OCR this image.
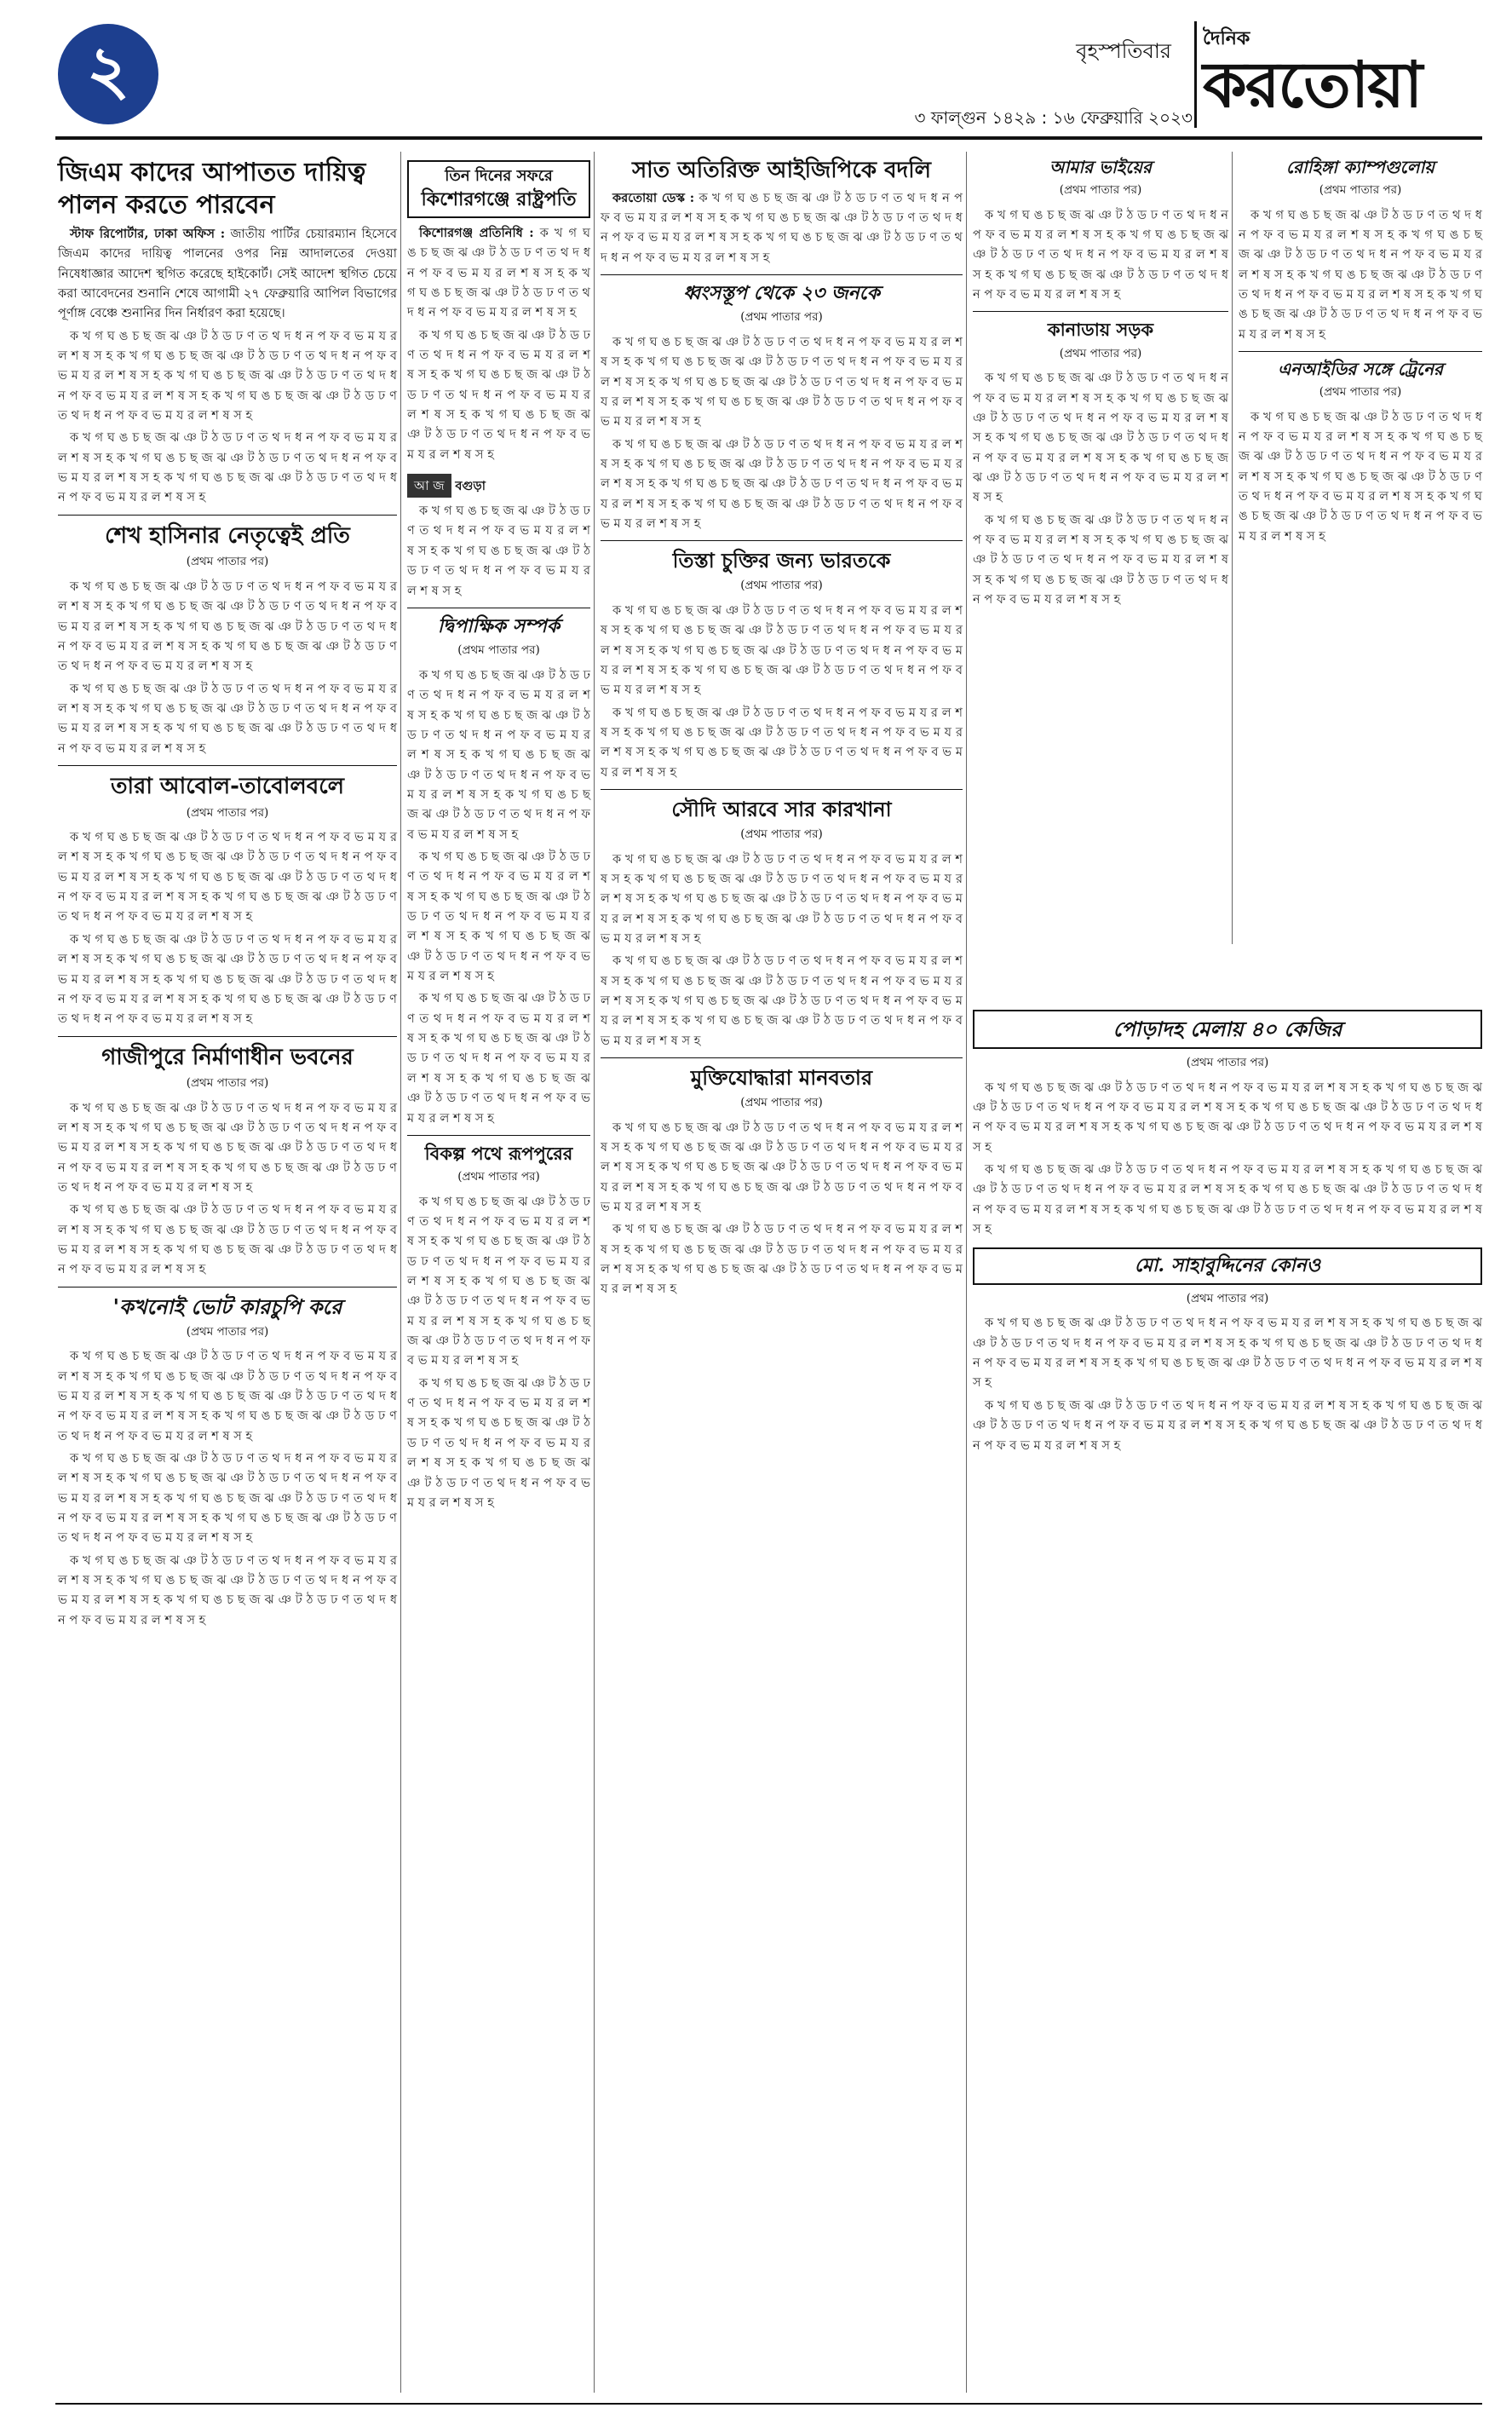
২	বৃহস্পতিবার
৩ ফাল্গুন ১৪২৯ : ১৬ ফেব্রুয়ারি ২০২৩
দৈনিক
করতোয়া
জিএম কাদের আপাতত দায়িত্ব পালন করতে পারবেন

স্টাফ রিপোর্টার, ঢাকা অফিস : জাতীয় পার্টির চেয়ারম্যান হিসেবে জিএম কাদের দায়িত্ব পালনের ওপর নিম্ন আদালতের দেওয়া নিষেধাজ্ঞার আদেশ স্থগিত করেছে হাইকোর্ট। সেই আদেশ স্থগিত চেয়ে করা আবেদনের শুনানি শেষে আগামী ২৭ ফেব্রুয়ারি আপিল বিভাগের পূর্ণাঙ্গ বেঞ্চে শুনানির দিন নির্ধারণ করা হয়েছে।

ক খ গ ঘ ঙ চ ছ জ ঝ ঞ ট ঠ ড ঢ ণ ত থ দ ধ ন প ফ ব ভ ম য র ল শ ষ স হ ক খ গ ঘ ঙ চ ছ জ ঝ ঞ ট ঠ ড ঢ ণ ত থ দ ধ ন প ফ ব ভ ম য র ল শ ষ স হ ক খ গ ঘ ঙ চ ছ জ ঝ ঞ ট ঠ ড ঢ ণ ত থ দ ধ ন প ফ ব ভ ম য র ল শ ষ স হ ক খ গ ঘ ঙ চ ছ জ ঝ ঞ ট ঠ ড ঢ ণ ত থ দ ধ ন প ফ ব ভ ম য র ল শ ষ স হ

ক খ গ ঘ ঙ চ ছ জ ঝ ঞ ট ঠ ড ঢ ণ ত থ দ ধ ন প ফ ব ভ ম য র ল শ ষ স হ ক খ গ ঘ ঙ চ ছ জ ঝ ঞ ট ঠ ড ঢ ণ ত থ দ ধ ন প ফ ব ভ ম য র ল শ ষ স হ ক খ গ ঘ ঙ চ ছ জ ঝ ঞ ট ঠ ড ঢ ণ ত থ দ ধ ন প ফ ব ভ ম য র ল শ ষ স হ

শেখ হাসিনার নেতৃত্বেই প্রতি
(প্রথম পাতার পর)

ক খ গ ঘ ঙ চ ছ জ ঝ ঞ ট ঠ ড ঢ ণ ত থ দ ধ ন প ফ ব ভ ম য র ল শ ষ স হ ক খ গ ঘ ঙ চ ছ জ ঝ ঞ ট ঠ ড ঢ ণ ত থ দ ধ ন প ফ ব ভ ম য র ল শ ষ স হ ক খ গ ঘ ঙ চ ছ জ ঝ ঞ ট ঠ ড ঢ ণ ত থ দ ধ ন প ফ ব ভ ম য র ল শ ষ স হ ক খ গ ঘ ঙ চ ছ জ ঝ ঞ ট ঠ ড ঢ ণ ত থ দ ধ ন প ফ ব ভ ম য র ল শ ষ স হ

ক খ গ ঘ ঙ চ ছ জ ঝ ঞ ট ঠ ড ঢ ণ ত থ দ ধ ন প ফ ব ভ ম য র ল শ ষ স হ ক খ গ ঘ ঙ চ ছ জ ঝ ঞ ট ঠ ড ঢ ণ ত থ দ ধ ন প ফ ব ভ ম য র ল শ ষ স হ ক খ গ ঘ ঙ চ ছ জ ঝ ঞ ট ঠ ড ঢ ণ ত থ দ ধ ন প ফ ব ভ ম য র ল শ ষ স হ

তারা আবোল-তাবোলবলে
(প্রথম পাতার পর)

ক খ গ ঘ ঙ চ ছ জ ঝ ঞ ট ঠ ড ঢ ণ ত থ দ ধ ন প ফ ব ভ ম য র ল শ ষ স হ ক খ গ ঘ ঙ চ ছ জ ঝ ঞ ট ঠ ড ঢ ণ ত থ দ ধ ন প ফ ব ভ ম য র ল শ ষ স হ ক খ গ ঘ ঙ চ ছ জ ঝ ঞ ট ঠ ড ঢ ণ ত থ দ ধ ন প ফ ব ভ ম য র ল শ ষ স হ ক খ গ ঘ ঙ চ ছ জ ঝ ঞ ট ঠ ড ঢ ণ ত থ দ ধ ন প ফ ব ভ ম য র ল শ ষ স হ

ক খ গ ঘ ঙ চ ছ জ ঝ ঞ ট ঠ ড ঢ ণ ত থ দ ধ ন প ফ ব ভ ম য র ল শ ষ স হ ক খ গ ঘ ঙ চ ছ জ ঝ ঞ ট ঠ ড ঢ ণ ত থ দ ধ ন প ফ ব ভ ম য র ল শ ষ স হ ক খ গ ঘ ঙ চ ছ জ ঝ ঞ ট ঠ ড ঢ ণ ত থ দ ধ ন প ফ ব ভ ম য র ল শ ষ স হ ক খ গ ঘ ঙ চ ছ জ ঝ ঞ ট ঠ ড ঢ ণ ত থ দ ধ ন প ফ ব ভ ম য র ল শ ষ স হ

গাজীপুরে নির্মাণাধীন ভবনের
(প্রথম পাতার পর)

ক খ গ ঘ ঙ চ ছ জ ঝ ঞ ট ঠ ড ঢ ণ ত থ দ ধ ন প ফ ব ভ ম য র ল শ ষ স হ ক খ গ ঘ ঙ চ ছ জ ঝ ঞ ট ঠ ড ঢ ণ ত থ দ ধ ন প ফ ব ভ ম য র ল শ ষ স হ ক খ গ ঘ ঙ চ ছ জ ঝ ঞ ট ঠ ড ঢ ণ ত থ দ ধ ন প ফ ব ভ ম য র ল শ ষ স হ ক খ গ ঘ ঙ চ ছ জ ঝ ঞ ট ঠ ড ঢ ণ ত থ দ ধ ন প ফ ব ভ ম য র ল শ ষ স হ

ক খ গ ঘ ঙ চ ছ জ ঝ ঞ ট ঠ ড ঢ ণ ত থ দ ধ ন প ফ ব ভ ম য র ল শ ষ স হ ক খ গ ঘ ঙ চ ছ জ ঝ ঞ ট ঠ ড ঢ ণ ত থ দ ধ ন প ফ ব ভ ম য র ল শ ষ স হ ক খ গ ঘ ঙ চ ছ জ ঝ ঞ ট ঠ ড ঢ ণ ত থ দ ধ ন প ফ ব ভ ম য র ল শ ষ স হ

'কখনোই ভোট কারচুপি করে
(প্রথম পাতার পর)

ক খ গ ঘ ঙ চ ছ জ ঝ ঞ ট ঠ ড ঢ ণ ত থ দ ধ ন প ফ ব ভ ম য র ল শ ষ স হ ক খ গ ঘ ঙ চ ছ জ ঝ ঞ ট ঠ ড ঢ ণ ত থ দ ধ ন প ফ ব ভ ম য র ল শ ষ স হ ক খ গ ঘ ঙ চ ছ জ ঝ ঞ ট ঠ ড ঢ ণ ত থ দ ধ ন প ফ ব ভ ম য র ল শ ষ স হ ক খ গ ঘ ঙ চ ছ জ ঝ ঞ ট ঠ ড ঢ ণ ত থ দ ধ ন প ফ ব ভ ম য র ল শ ষ স হ

ক খ গ ঘ ঙ চ ছ জ ঝ ঞ ট ঠ ড ঢ ণ ত থ দ ধ ন প ফ ব ভ ম য র ল শ ষ স হ ক খ গ ঘ ঙ চ ছ জ ঝ ঞ ট ঠ ড ঢ ণ ত থ দ ধ ন প ফ ব ভ ম য র ল শ ষ স হ ক খ গ ঘ ঙ চ ছ জ ঝ ঞ ট ঠ ড ঢ ণ ত থ দ ধ ন প ফ ব ভ ম য র ল শ ষ স হ ক খ গ ঘ ঙ চ ছ জ ঝ ঞ ট ঠ ড ঢ ণ ত থ দ ধ ন প ফ ব ভ ম য র ল শ ষ স হ

ক খ গ ঘ ঙ চ ছ জ ঝ ঞ ট ঠ ড ঢ ণ ত থ দ ধ ন প ফ ব ভ ম য র ল শ ষ স হ ক খ গ ঘ ঙ চ ছ জ ঝ ঞ ট ঠ ড ঢ ণ ত থ দ ধ ন প ফ ব ভ ম য র ল শ ষ স হ ক খ গ ঘ ঙ চ ছ জ ঝ ঞ ট ঠ ড ঢ ণ ত থ দ ধ ন প ফ ব ভ ম য র ল শ ষ স হ

তিন দিনের সফরে
কিশোরগঞ্জে রাষ্ট্রপতি

কিশোরগঞ্জ প্রতিনিধি : ক খ গ ঘ ঙ চ ছ জ ঝ ঞ ট ঠ ড ঢ ণ ত থ দ ধ ন প ফ ব ভ ম য র ল শ ষ স হ ক খ গ ঘ ঙ চ ছ জ ঝ ঞ ট ঠ ড ঢ ণ ত থ দ ধ ন প ফ ব ভ ম য র ল শ ষ স হ

ক খ গ ঘ ঙ চ ছ জ ঝ ঞ ট ঠ ড ঢ ণ ত থ দ ধ ন প ফ ব ভ ম য র ল শ ষ স হ ক খ গ ঘ ঙ চ ছ জ ঝ ঞ ট ঠ ড ঢ ণ ত থ দ ধ ন প ফ ব ভ ম য র ল শ ষ স হ ক খ গ ঘ ঙ চ ছ জ ঝ ঞ ট ঠ ড ঢ ণ ত থ দ ধ ন প ফ ব ভ ম য র ল শ ষ স হ

আ জ বগুড়া

ক খ গ ঘ ঙ চ ছ জ ঝ ঞ ট ঠ ড ঢ ণ ত থ দ ধ ন প ফ ব ভ ম য র ল শ ষ স হ ক খ গ ঘ ঙ চ ছ জ ঝ ঞ ট ঠ ড ঢ ণ ত থ দ ধ ন প ফ ব ভ ম য র ল শ ষ স হ

দ্বিপাক্ষিক সম্পর্ক
(প্রথম পাতার পর)

ক খ গ ঘ ঙ চ ছ জ ঝ ঞ ট ঠ ড ঢ ণ ত থ দ ধ ন প ফ ব ভ ম য র ল শ ষ স হ ক খ গ ঘ ঙ চ ছ জ ঝ ঞ ট ঠ ড ঢ ণ ত থ দ ধ ন প ফ ব ভ ম য র ল শ ষ স হ ক খ গ ঘ ঙ চ ছ জ ঝ ঞ ট ঠ ড ঢ ণ ত থ দ ধ ন প ফ ব ভ ম য র ল শ ষ স হ ক খ গ ঘ ঙ চ ছ জ ঝ ঞ ট ঠ ড ঢ ণ ত থ দ ধ ন প ফ ব ভ ম য র ল শ ষ স হ

ক খ গ ঘ ঙ চ ছ জ ঝ ঞ ট ঠ ড ঢ ণ ত থ দ ধ ন প ফ ব ভ ম য র ল শ ষ স হ ক খ গ ঘ ঙ চ ছ জ ঝ ঞ ট ঠ ড ঢ ণ ত থ দ ধ ন প ফ ব ভ ম য র ল শ ষ স হ ক খ গ ঘ ঙ চ ছ জ ঝ ঞ ট ঠ ড ঢ ণ ত থ দ ধ ন প ফ ব ভ ম য র ল শ ষ স হ

ক খ গ ঘ ঙ চ ছ জ ঝ ঞ ট ঠ ড ঢ ণ ত থ দ ধ ন প ফ ব ভ ম য র ল শ ষ স হ ক খ গ ঘ ঙ চ ছ জ ঝ ঞ ট ঠ ড ঢ ণ ত থ দ ধ ন প ফ ব ভ ম য র ল শ ষ স হ ক খ গ ঘ ঙ চ ছ জ ঝ ঞ ট ঠ ড ঢ ণ ত থ দ ধ ন প ফ ব ভ ম য র ল শ ষ স হ

বিকল্প পথে রূপপুরের
(প্রথম পাতার পর)

ক খ গ ঘ ঙ চ ছ জ ঝ ঞ ট ঠ ড ঢ ণ ত থ দ ধ ন প ফ ব ভ ম য র ল শ ষ স হ ক খ গ ঘ ঙ চ ছ জ ঝ ঞ ট ঠ ড ঢ ণ ত থ দ ধ ন প ফ ব ভ ম য র ল শ ষ স হ ক খ গ ঘ ঙ চ ছ জ ঝ ঞ ট ঠ ড ঢ ণ ত থ দ ধ ন প ফ ব ভ ম য র ল শ ষ স হ ক খ গ ঘ ঙ চ ছ জ ঝ ঞ ট ঠ ড ঢ ণ ত থ দ ধ ন প ফ ব ভ ম য র ল শ ষ স হ

ক খ গ ঘ ঙ চ ছ জ ঝ ঞ ট ঠ ড ঢ ণ ত থ দ ধ ন প ফ ব ভ ম য র ল শ ষ স হ ক খ গ ঘ ঙ চ ছ জ ঝ ঞ ট ঠ ড ঢ ণ ত থ দ ধ ন প ফ ব ভ ম য র ল শ ষ স হ ক খ গ ঘ ঙ চ ছ জ ঝ ঞ ট ঠ ড ঢ ণ ত থ দ ধ ন প ফ ব ভ ম য র ল শ ষ স হ

সাত অতিরিক্ত আইজিপিকে বদলি

করতোয়া ডেস্ক : ক খ গ ঘ ঙ চ ছ জ ঝ ঞ ট ঠ ড ঢ ণ ত থ দ ধ ন প ফ ব ভ ম য র ল শ ষ স হ ক খ গ ঘ ঙ চ ছ জ ঝ ঞ ট ঠ ড ঢ ণ ত থ দ ধ ন প ফ ব ভ ম য র ল শ ষ স হ ক খ গ ঘ ঙ চ ছ জ ঝ ঞ ট ঠ ড ঢ ণ ত থ দ ধ ন প ফ ব ভ ম য র ল শ ষ স হ

ধ্বংসস্তূপ থেকে ২৩ জনকে
(প্রথম পাতার পর)

ক খ গ ঘ ঙ চ ছ জ ঝ ঞ ট ঠ ড ঢ ণ ত থ দ ধ ন প ফ ব ভ ম য র ল শ ষ স হ ক খ গ ঘ ঙ চ ছ জ ঝ ঞ ট ঠ ড ঢ ণ ত থ দ ধ ন প ফ ব ভ ম য র ল শ ষ স হ ক খ গ ঘ ঙ চ ছ জ ঝ ঞ ট ঠ ড ঢ ণ ত থ দ ধ ন প ফ ব ভ ম য র ল শ ষ স হ ক খ গ ঘ ঙ চ ছ জ ঝ ঞ ট ঠ ড ঢ ণ ত থ দ ধ ন প ফ ব ভ ম য র ল শ ষ স হ

ক খ গ ঘ ঙ চ ছ জ ঝ ঞ ট ঠ ড ঢ ণ ত থ দ ধ ন প ফ ব ভ ম য র ল শ ষ স হ ক খ গ ঘ ঙ চ ছ জ ঝ ঞ ট ঠ ড ঢ ণ ত থ দ ধ ন প ফ ব ভ ম য র ল শ ষ স হ ক খ গ ঘ ঙ চ ছ জ ঝ ঞ ট ঠ ড ঢ ণ ত থ দ ধ ন প ফ ব ভ ম য র ল শ ষ স হ ক খ গ ঘ ঙ চ ছ জ ঝ ঞ ট ঠ ড ঢ ণ ত থ দ ধ ন প ফ ব ভ ম য র ল শ ষ স হ

তিস্তা চুক্তির জন্য ভারতকে
(প্রথম পাতার পর)

ক খ গ ঘ ঙ চ ছ জ ঝ ঞ ট ঠ ড ঢ ণ ত থ দ ধ ন প ফ ব ভ ম য র ল শ ষ স হ ক খ গ ঘ ঙ চ ছ জ ঝ ঞ ট ঠ ড ঢ ণ ত থ দ ধ ন প ফ ব ভ ম য র ল শ ষ স হ ক খ গ ঘ ঙ চ ছ জ ঝ ঞ ট ঠ ড ঢ ণ ত থ দ ধ ন প ফ ব ভ ম য র ল শ ষ স হ ক খ গ ঘ ঙ চ ছ জ ঝ ঞ ট ঠ ড ঢ ণ ত থ দ ধ ন প ফ ব ভ ম য র ল শ ষ স হ

ক খ গ ঘ ঙ চ ছ জ ঝ ঞ ট ঠ ড ঢ ণ ত থ দ ধ ন প ফ ব ভ ম য র ল শ ষ স হ ক খ গ ঘ ঙ চ ছ জ ঝ ঞ ট ঠ ড ঢ ণ ত থ দ ধ ন প ফ ব ভ ম য র ল শ ষ স হ ক খ গ ঘ ঙ চ ছ জ ঝ ঞ ট ঠ ড ঢ ণ ত থ দ ধ ন প ফ ব ভ ম য র ল শ ষ স হ

সৌদি আরবে সার কারখানা
(প্রথম পাতার পর)

ক খ গ ঘ ঙ চ ছ জ ঝ ঞ ট ঠ ড ঢ ণ ত থ দ ধ ন প ফ ব ভ ম য র ল শ ষ স হ ক খ গ ঘ ঙ চ ছ জ ঝ ঞ ট ঠ ড ঢ ণ ত থ দ ধ ন প ফ ব ভ ম য র ল শ ষ স হ ক খ গ ঘ ঙ চ ছ জ ঝ ঞ ট ঠ ড ঢ ণ ত থ দ ধ ন প ফ ব ভ ম য র ল শ ষ স হ ক খ গ ঘ ঙ চ ছ জ ঝ ঞ ট ঠ ড ঢ ণ ত থ দ ধ ন প ফ ব ভ ম য র ল শ ষ স হ

ক খ গ ঘ ঙ চ ছ জ ঝ ঞ ট ঠ ড ঢ ণ ত থ দ ধ ন প ফ ব ভ ম য র ল শ ষ স হ ক খ গ ঘ ঙ চ ছ জ ঝ ঞ ট ঠ ড ঢ ণ ত থ দ ধ ন প ফ ব ভ ম য র ল শ ষ স হ ক খ গ ঘ ঙ চ ছ জ ঝ ঞ ট ঠ ড ঢ ণ ত থ দ ধ ন প ফ ব ভ ম য র ল শ ষ স হ ক খ গ ঘ ঙ চ ছ জ ঝ ঞ ট ঠ ড ঢ ণ ত থ দ ধ ন প ফ ব ভ ম য র ল শ ষ স হ

মুক্তিযোদ্ধারা মানবতার
(প্রথম পাতার পর)

ক খ গ ঘ ঙ চ ছ জ ঝ ঞ ট ঠ ড ঢ ণ ত থ দ ধ ন প ফ ব ভ ম য র ল শ ষ স হ ক খ গ ঘ ঙ চ ছ জ ঝ ঞ ট ঠ ড ঢ ণ ত থ দ ধ ন প ফ ব ভ ম য র ল শ ষ স হ ক খ গ ঘ ঙ চ ছ জ ঝ ঞ ট ঠ ড ঢ ণ ত থ দ ধ ন প ফ ব ভ ম য র ল শ ষ স হ ক খ গ ঘ ঙ চ ছ জ ঝ ঞ ট ঠ ড ঢ ণ ত থ দ ধ ন প ফ ব ভ ম য র ল শ ষ স হ

ক খ গ ঘ ঙ চ ছ জ ঝ ঞ ট ঠ ড ঢ ণ ত থ দ ধ ন প ফ ব ভ ম য র ল শ ষ স হ ক খ গ ঘ ঙ চ ছ জ ঝ ঞ ট ঠ ড ঢ ণ ত থ দ ধ ন প ফ ব ভ ম য র ল শ ষ স হ ক খ গ ঘ ঙ চ ছ জ ঝ ঞ ট ঠ ড ঢ ণ ত থ দ ধ ন প ফ ব ভ ম য র ল শ ষ স হ

আমার ভাইয়ের
(প্রথম পাতার পর)

ক খ গ ঘ ঙ চ ছ জ ঝ ঞ ট ঠ ড ঢ ণ ত থ দ ধ ন প ফ ব ভ ম য র ল শ ষ স হ ক খ গ ঘ ঙ চ ছ জ ঝ ঞ ট ঠ ড ঢ ণ ত থ দ ধ ন প ফ ব ভ ম য র ল শ ষ স হ ক খ গ ঘ ঙ চ ছ জ ঝ ঞ ট ঠ ড ঢ ণ ত থ দ ধ ন প ফ ব ভ ম য র ল শ ষ স হ

কানাডায় সড়ক
(প্রথম পাতার পর)

ক খ গ ঘ ঙ চ ছ জ ঝ ঞ ট ঠ ড ঢ ণ ত থ দ ধ ন প ফ ব ভ ম য র ল শ ষ স হ ক খ গ ঘ ঙ চ ছ জ ঝ ঞ ট ঠ ড ঢ ণ ত থ দ ধ ন প ফ ব ভ ম য র ল শ ষ স হ ক খ গ ঘ ঙ চ ছ জ ঝ ঞ ট ঠ ড ঢ ণ ত থ দ ধ ন প ফ ব ভ ম য র ল শ ষ স হ ক খ গ ঘ ঙ চ ছ জ ঝ ঞ ট ঠ ড ঢ ণ ত থ দ ধ ন প ফ ব ভ ম য র ল শ ষ স হ

ক খ গ ঘ ঙ চ ছ জ ঝ ঞ ট ঠ ড ঢ ণ ত থ দ ধ ন প ফ ব ভ ম য র ল শ ষ স হ ক খ গ ঘ ঙ চ ছ জ ঝ ঞ ট ঠ ড ঢ ণ ত থ দ ধ ন প ফ ব ভ ম য র ল শ ষ স হ ক খ গ ঘ ঙ চ ছ জ ঝ ঞ ট ঠ ড ঢ ণ ত থ দ ধ ন প ফ ব ভ ম য র ল শ ষ স হ

রোহিঙ্গা ক্যাম্পগুলোয়
(প্রথম পাতার পর)

ক খ গ ঘ ঙ চ ছ জ ঝ ঞ ট ঠ ড ঢ ণ ত থ দ ধ ন প ফ ব ভ ম য র ল শ ষ স হ ক খ গ ঘ ঙ চ ছ জ ঝ ঞ ট ঠ ড ঢ ণ ত থ দ ধ ন প ফ ব ভ ম য র ল শ ষ স হ ক খ গ ঘ ঙ চ ছ জ ঝ ঞ ট ঠ ড ঢ ণ ত থ দ ধ ন প ফ ব ভ ম য র ল শ ষ স হ ক খ গ ঘ ঙ চ ছ জ ঝ ঞ ট ঠ ড ঢ ণ ত থ দ ধ ন প ফ ব ভ ম য র ল শ ষ স হ

এনআইডির সঙ্গে ট্রেনের
(প্রথম পাতার পর)

ক খ গ ঘ ঙ চ ছ জ ঝ ঞ ট ঠ ড ঢ ণ ত থ দ ধ ন প ফ ব ভ ম য র ল শ ষ স হ ক খ গ ঘ ঙ চ ছ জ ঝ ঞ ট ঠ ড ঢ ণ ত থ দ ধ ন প ফ ব ভ ম য র ল শ ষ স হ ক খ গ ঘ ঙ চ ছ জ ঝ ঞ ট ঠ ড ঢ ণ ত থ দ ধ ন প ফ ব ভ ম য র ল শ ষ স হ ক খ গ ঘ ঙ চ ছ জ ঝ ঞ ট ঠ ড ঢ ণ ত থ দ ধ ন প ফ ব ভ ম য র ল শ ষ স হ

পোড়াদহ মেলায় ৪০ কেজির
(প্রথম পাতার পর)

ক খ গ ঘ ঙ চ ছ জ ঝ ঞ ট ঠ ড ঢ ণ ত থ দ ধ ন প ফ ব ভ ম য র ল শ ষ স হ ক খ গ ঘ ঙ চ ছ জ ঝ ঞ ট ঠ ড ঢ ণ ত থ দ ধ ন প ফ ব ভ ম য র ল শ ষ স হ ক খ গ ঘ ঙ চ ছ জ ঝ ঞ ট ঠ ড ঢ ণ ত থ দ ধ ন প ফ ব ভ ম য র ল শ ষ স হ ক খ গ ঘ ঙ চ ছ জ ঝ ঞ ট ঠ ড ঢ ণ ত থ দ ধ ন প ফ ব ভ ম য র ল শ ষ স হ

ক খ গ ঘ ঙ চ ছ জ ঝ ঞ ট ঠ ড ঢ ণ ত থ দ ধ ন প ফ ব ভ ম য র ল শ ষ স হ ক খ গ ঘ ঙ চ ছ জ ঝ ঞ ট ঠ ড ঢ ণ ত থ দ ধ ন প ফ ব ভ ম য র ল শ ষ স হ ক খ গ ঘ ঙ চ ছ জ ঝ ঞ ট ঠ ড ঢ ণ ত থ দ ধ ন প ফ ব ভ ম য র ল শ ষ স হ ক খ গ ঘ ঙ চ ছ জ ঝ ঞ ট ঠ ড ঢ ণ ত থ দ ধ ন প ফ ব ভ ম য র ল শ ষ স হ

মো. সাহাবুদ্দিনের কোনও
(প্রথম পাতার পর)

ক খ গ ঘ ঙ চ ছ জ ঝ ঞ ট ঠ ড ঢ ণ ত থ দ ধ ন প ফ ব ভ ম য র ল শ ষ স হ ক খ গ ঘ ঙ চ ছ জ ঝ ঞ ট ঠ ড ঢ ণ ত থ দ ধ ন প ফ ব ভ ম য র ল শ ষ স হ ক খ গ ঘ ঙ চ ছ জ ঝ ঞ ট ঠ ড ঢ ণ ত থ দ ধ ন প ফ ব ভ ম য র ল শ ষ স হ ক খ গ ঘ ঙ চ ছ জ ঝ ঞ ট ঠ ড ঢ ণ ত থ দ ধ ন প ফ ব ভ ম য র ল শ ষ স হ

ক খ গ ঘ ঙ চ ছ জ ঝ ঞ ট ঠ ড ঢ ণ ত থ দ ধ ন প ফ ব ভ ম য র ল শ ষ স হ ক খ গ ঘ ঙ চ ছ জ ঝ ঞ ট ঠ ড ঢ ণ ত থ দ ধ ন প ফ ব ভ ম য র ল শ ষ স হ ক খ গ ঘ ঙ চ ছ জ ঝ ঞ ট ঠ ড ঢ ণ ত থ দ ধ ন প ফ ব ভ ম য র ল শ ষ স হ
